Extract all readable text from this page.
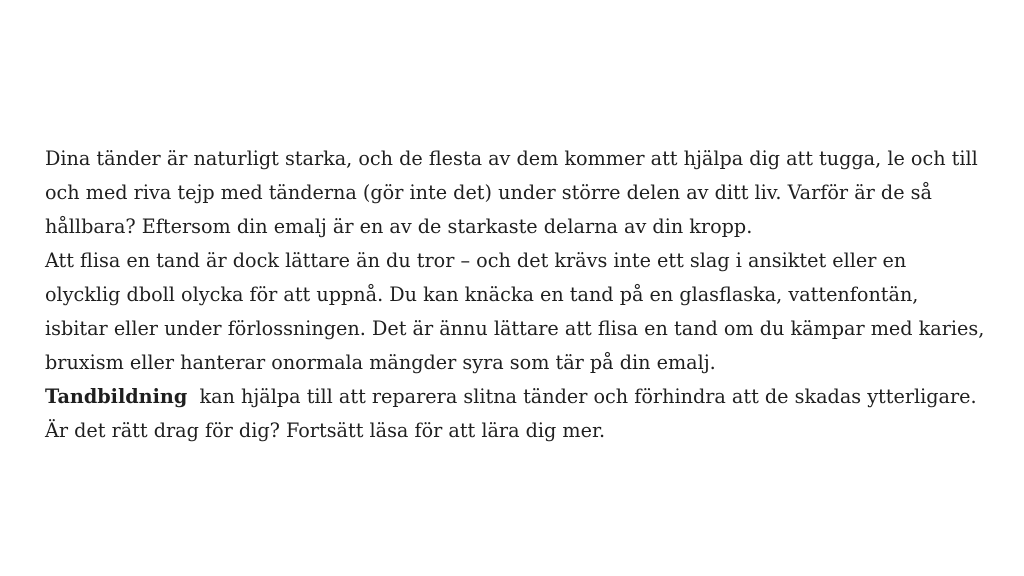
Dina tänder är naturligt starka, och de flesta av dem kommer att hjälpa dig att tugga, le och till och med riva tejp med tänderna (gör inte det) under större delen av ditt liv. Varför är de så hållbara? Eftersom din emalj är en av de starkaste delarna av din kropp.

Att flisa en tand är dock lättare än du tror – och det krävs inte ett slag i ansiktet eller en olycklig dboll olycka för att uppnå. Du kan knäcka en tand på en glasflaska, vattenfontän, isbitar eller under förlossningen. Det är ännu lättare att flisa en tand om du kämpar med karies, bruxism eller hanterar onormala mängder syra som tär på din emalj.

Tandbildning kan hjälpa till att reparera slitna tänder och förhindra att de skadas ytterligare. Är det rätt drag för dig? Fortsätt läsa för att lära dig mer.
